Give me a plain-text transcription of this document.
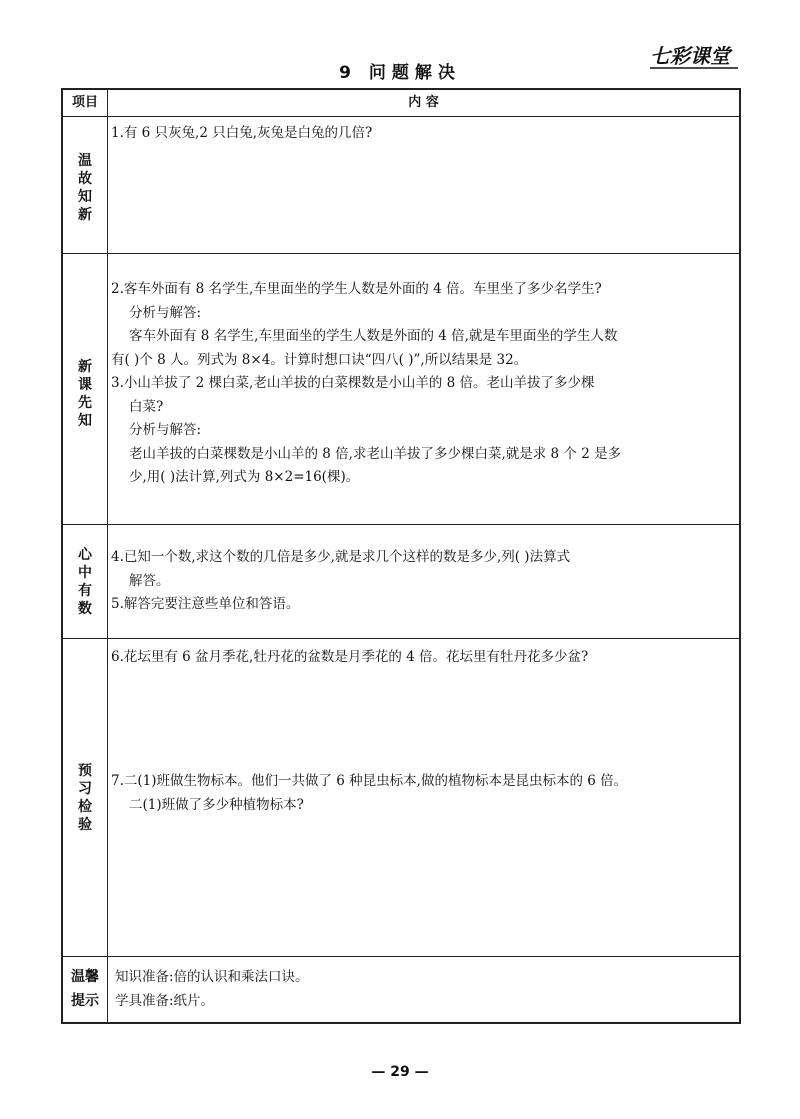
七彩课堂
9 问题解决
项目	内 容
温故知新

1.有 6 只灰兔,2 只白兔,灰兔是白兔的几倍?

新课先知

2.客车外面有 8 名学生,车里面坐的学生人数是外面的 4 倍。车里坐了多少名学生?

分析与解答:

客车外面有 8 名学生,车里面坐的学生人数是外面的 4 倍,就是车里面坐的学生人数

有( )个 8 人。列式为 8×4。计算时想口诀“四八( )”,所以结果是 32。

3.小山羊拔了 2 棵白菜,老山羊拔的白菜棵数是小山羊的 8 倍。老山羊拔了多少棵

白菜?

分析与解答:

老山羊拔的白菜棵数是小山羊的 8 倍,求老山羊拔了多少棵白菜,就是求 8 个 2 是多

少,用( )法计算,列式为 8×2=16(棵)。

心中有数

4.已知一个数,求这个数的几倍是多少,就是求几个这样的数是多少,列( )法算式

解答。

5.解答完要注意些单位和答语。

预习检验

6.花坛里有 6 盆月季花,牡丹花的盆数是月季花的 4 倍。花坛里有牡丹花多少盆?

7.二(1)班做生物标本。他们一共做了 6 种昆虫标本,做的植物标本是昆虫标本的 6 倍。

二(1)班做了多少种植物标本?

温馨提示

知识准备:倍的认识和乘法口诀。

学具准备:纸片。

— 29 —
